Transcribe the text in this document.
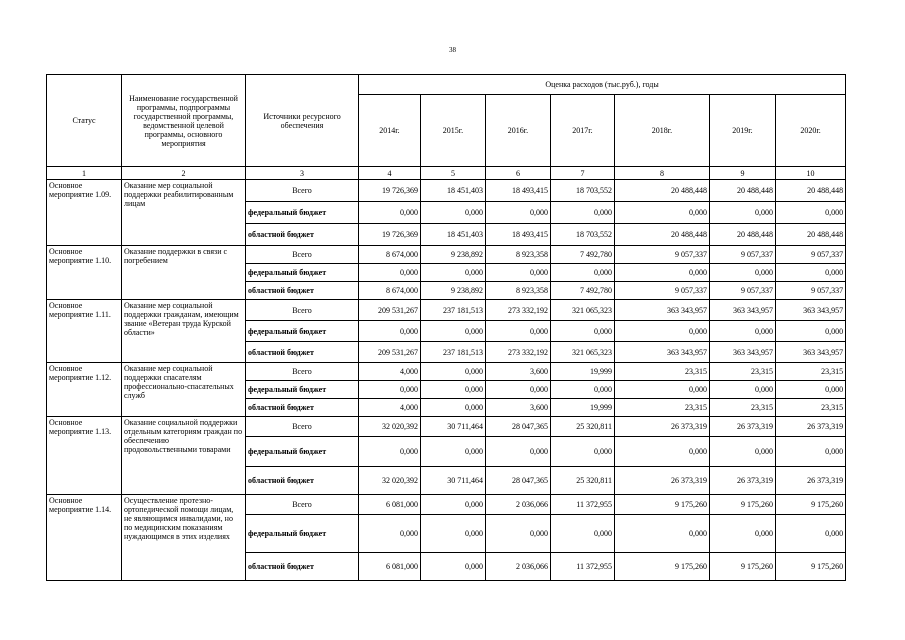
38
Статус	Наименование государственной программы, подпрограммы государственной программы, ведомственной целевой программы, основного мероприятия	Источники ресурсного обеспечения	Оценка расходов (тыс.руб.), годы						
			2014г.	2015г.	2016г.	2017г.	2018г.	2019г.	2020г.
1	2	3	4	5	6	7	8	9	10
Основное мероприятие 1.09.	Оказание мер социальной поддержки реабилитированным лицам	Всего	19 726,369	18 451,403	18 493,415	18 703,552	20 488,448	20 488,448	20 488,448
		федеральный бюджет	0,000	0,000	0,000	0,000	0,000	0,000	0,000
		областной бюджет	19 726,369	18 451,403	18 493,415	18 703,552	20 488,448	20 488,448	20 488,448
Основное мероприятие 1.10.	Оказание поддержки в связи с погребением	Всего	8 674,000	9 238,892	8 923,358	7 492,780	9 057,337	9 057,337	9 057,337
		федеральный бюджет	0,000	0,000	0,000	0,000	0,000	0,000	0,000
		областной бюджет	8 674,000	9 238,892	8 923,358	7 492,780	9 057,337	9 057,337	9 057,337
Основное мероприятие 1.11.	Оказание мер социальной поддержки гражданам, имеющим звание «Ветеран труда Курской области»	Всего	209 531,267	237 181,513	273 332,192	321 065,323	363 343,957	363 343,957	363 343,957
		федеральный бюджет	0,000	0,000	0,000	0,000	0,000	0,000	0,000
		областной бюджет	209 531,267	237 181,513	273 332,192	321 065,323	363 343,957	363 343,957	363 343,957
Основное мероприятие 1.12.	Оказание мер социальной поддержки спасателям профессионально-спасательных служб	Всего	4,000	0,000	3,600	19,999	23,315	23,315	23,315
		федеральный бюджет	0,000	0,000	0,000	0,000	0,000	0,000	0,000
		областной бюджет	4,000	0,000	3,600	19,999	23,315	23,315	23,315
Основное мероприятие 1.13.	Оказание социальной поддержки отдельным категориям граждан по обеспечению продовольственными товарами	Всего	32 020,392	30 711,464	28 047,365	25 320,811	26 373,319	26 373,319	26 373,319
		федеральный бюджет	0,000	0,000	0,000	0,000	0,000	0,000	0,000
		областной бюджет	32 020,392	30 711,464	28 047,365	25 320,811	26 373,319	26 373,319	26 373,319
Основное мероприятие 1.14.	Осуществление протезно-ортопедической помощи лицам, не являющимся инвалидами, но по медицинским показаниям нуждающимся в этих изделиях	Всего	6 081,000	0,000	2 036,066	11 372,955	9 175,260	9 175,260	9 175,260
		федеральный бюджет	0,000	0,000	0,000	0,000	0,000	0,000	0,000
		областной бюджет	6 081,000	0,000	2 036,066	11 372,955	9 175,260	9 175,260	9 175,260
